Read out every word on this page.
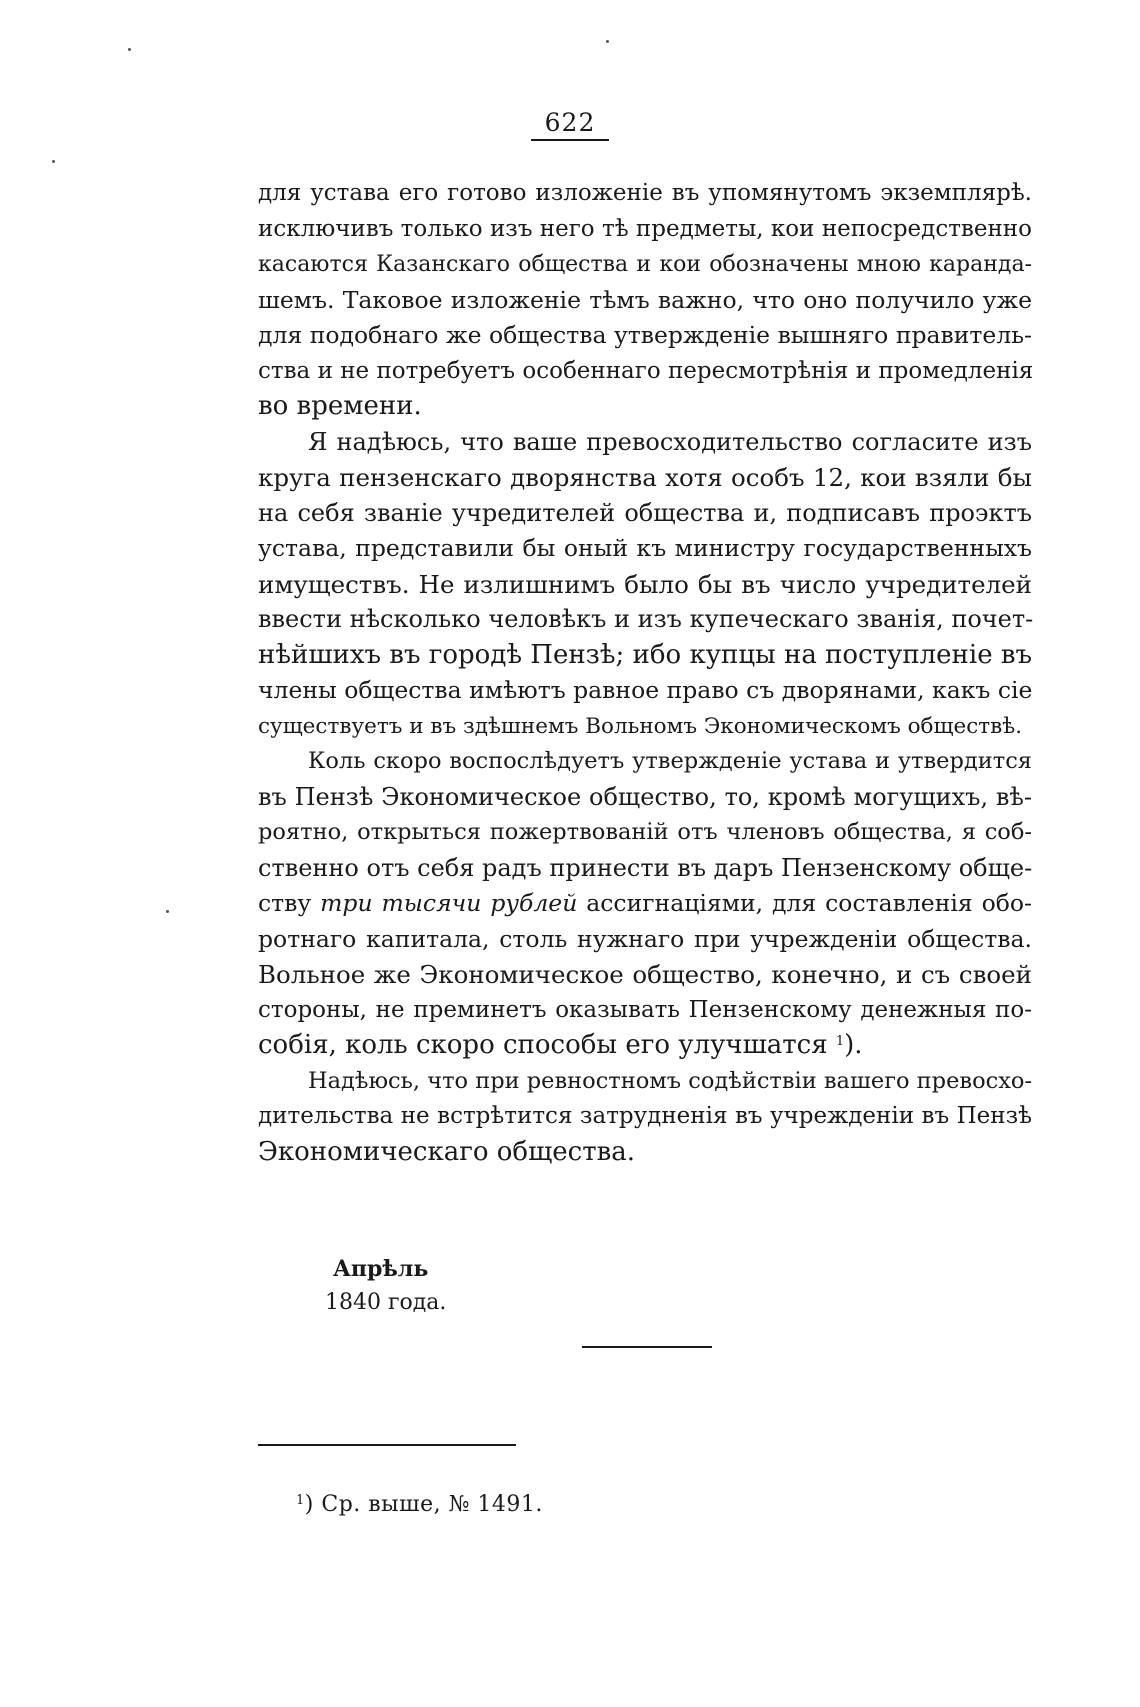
622
для устава его готово изложеніе въ упомянутомъ экземплярѣ.
исключивъ только изъ него тѣ предметы, кои непосредственно
касаются Казанскаго общества и кои обозначены мною каранда-
шемъ. Таковое изложеніе тѣмъ важно, что оно получило уже
для подобнаго же общества утвержденіе вышняго правитель-
ства и не потребуетъ особеннаго пересмотрѣнія и промедленія
во времени.
Я надѣюсь, что ваше превосходительство согласите изъ
круга пензенскаго дворянства хотя особъ 12, кои взяли бы
на себя званіе учредителей общества и, подписавъ проэктъ
устава, представили бы оный къ министру государственныхъ
имуществъ. Не излишнимъ было бы въ число учредителей
ввести нѣсколько человѣкъ и изъ купеческаго званія, почет-
нѣйшихъ въ городѣ Пензѣ; ибо купцы на поступленіе въ
члены общества имѣютъ равное право съ дворянами, какъ сіе
существуетъ и въ здѣшнемъ Вольномъ Экономическомъ обществѣ.
Коль скоро воспослѣдуетъ утвержденіе устава и утвердится
въ Пензѣ Экономическое общество, то, кромѣ могущихъ, вѣ-
роятно, открыться пожертвованій отъ членовъ общества, я соб-
ственно отъ себя радъ принести въ даръ Пензенскому обще-
ству три тысячи рублей ассигнаціями, для составленія обо-
ротнаго капитала, столь нужнаго при учрежденіи общества.
Вольное же Экономическое общество, конечно, и съ своей
стороны, не преминетъ оказывать Пензенскому денежныя по-
собія, коль скоро способы его улучшатся $^1$).
Надѣюсь, что при ревностномъ содѣйствіи вашего превосхо-
дительства не встрѣтится затрудненія въ учрежденіи въ Пензѣ
Экономическаго общества.
Апрѣль
1840 года.
$^1$) Ср. выше, № 1491.
